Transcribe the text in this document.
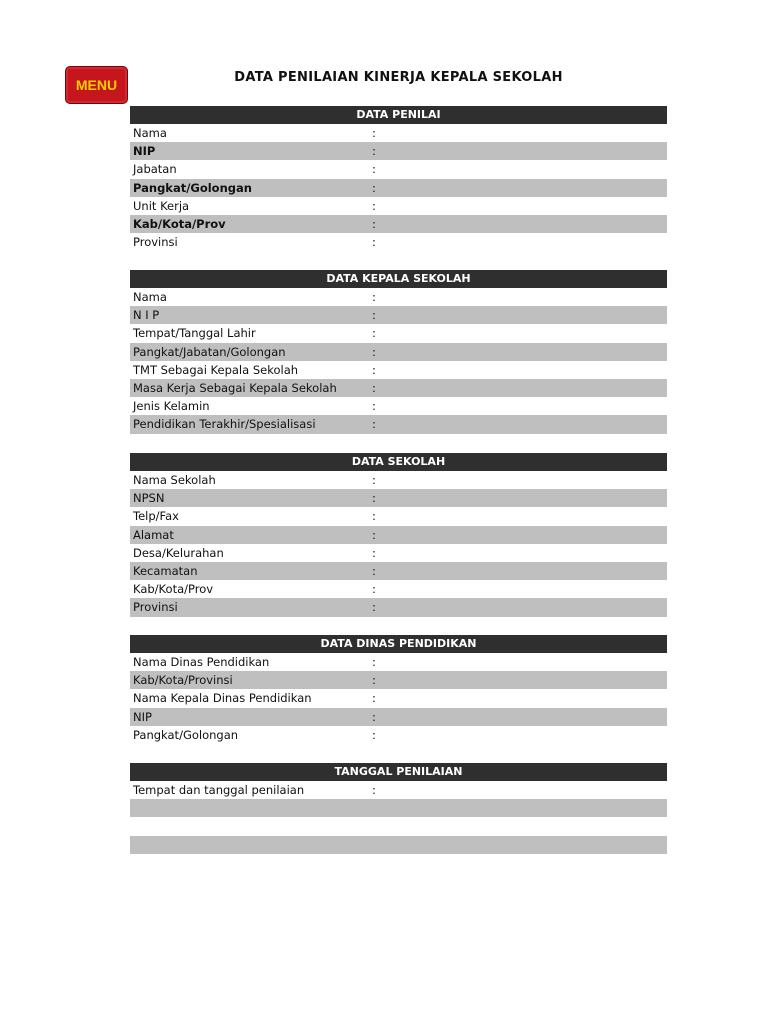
MENU	DATA PENILAIAN KINERJA KEPALA SEKOLAH
DATA PENILAI
Nama	:
NIP	:
Jabatan	:
Pangkat/Golongan	:
Unit Kerja	:
Kab/Kota/Prov	:
Provinsi	:
DATA KEPALA SEKOLAH
Nama	:
N I P	:
Tempat/Tanggal Lahir	:
Pangkat/Jabatan/Golongan	:
TMT Sebagai Kepala Sekolah	:
Masa Kerja Sebagai Kepala Sekolah	:
Jenis Kelamin	:
Pendidikan Terakhir/Spesialisasi	:
DATA SEKOLAH
Nama Sekolah	:
NPSN	:
Telp/Fax	:
Alamat	:
Desa/Kelurahan	:
Kecamatan	:
Kab/Kota/Prov	:
Provinsi	:
DATA DINAS PENDIDIKAN
Nama Dinas Pendidikan	:
Kab/Kota/Provinsi	:
Nama Kepala Dinas Pendidikan	:
NIP	:
Pangkat/Golongan	:
TANGGAL PENILAIAN
Tempat dan tanggal penilaian	:
